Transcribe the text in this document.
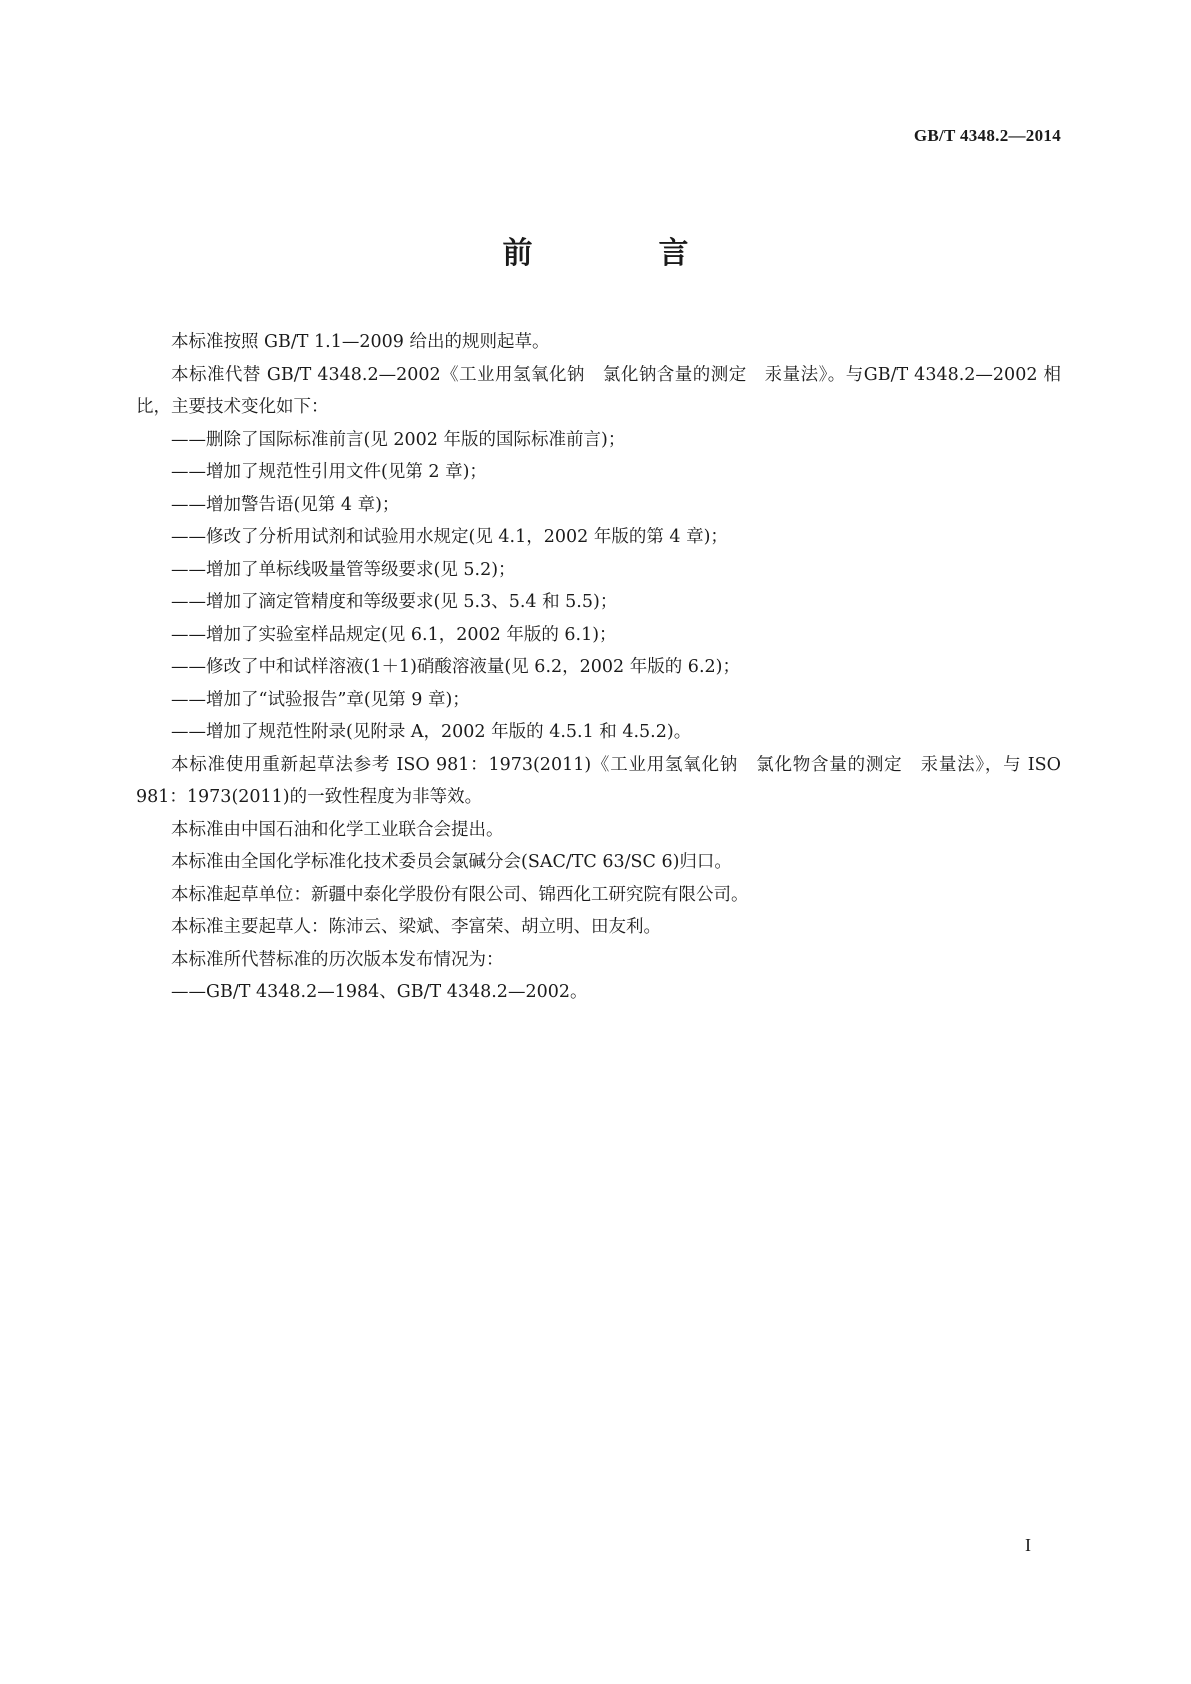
GB/T 4348.2—2014
前　言

本标准按照 GB/T 1.1—2009 给出的规则起草。

本标准代替 GB/T 4348.2—2002《工业用氢氧化钠　氯化钠含量的测定　汞量法》。与GB/T 4348.2—2002 相比，主要技术变化如下：

——删除了国际标准前言(见 2002 年版的国际标准前言)；

——增加了规范性引用文件(见第 2 章)；

——增加警告语(见第 4 章)；

——修改了分析用试剂和试验用水规定(见 4.1，2002 年版的第 4 章)；

——增加了单标线吸量管等级要求(见 5.2)；

——增加了滴定管精度和等级要求(见 5.3、5.4 和 5.5)；

——增加了实验室样品规定(见 6.1，2002 年版的 6.1)；

——修改了中和试样溶液(1＋1)硝酸溶液量(见 6.2，2002 年版的 6.2)；

——增加了“试验报告”章(见第 9 章)；

——增加了规范性附录(见附录 A，2002 年版的 4.5.1 和 4.5.2)。

本标准使用重新起草法参考 ISO 981：1973(2011)《工业用氢氧化钠　氯化物含量的测定　汞量法》，与 ISO 981：1973(2011)的一致性程度为非等效。

本标准由中国石油和化学工业联合会提出。

本标准由全国化学标准化技术委员会氯碱分会(SAC/TC 63/SC 6)归口。

本标准起草单位：新疆中泰化学股份有限公司、锦西化工研究院有限公司。

本标准主要起草人：陈沛云、梁斌、李富荣、胡立明、田友利。

本标准所代替标准的历次版本发布情况为：

——GB/T 4348.2—1984、GB/T 4348.2—2002。

I
